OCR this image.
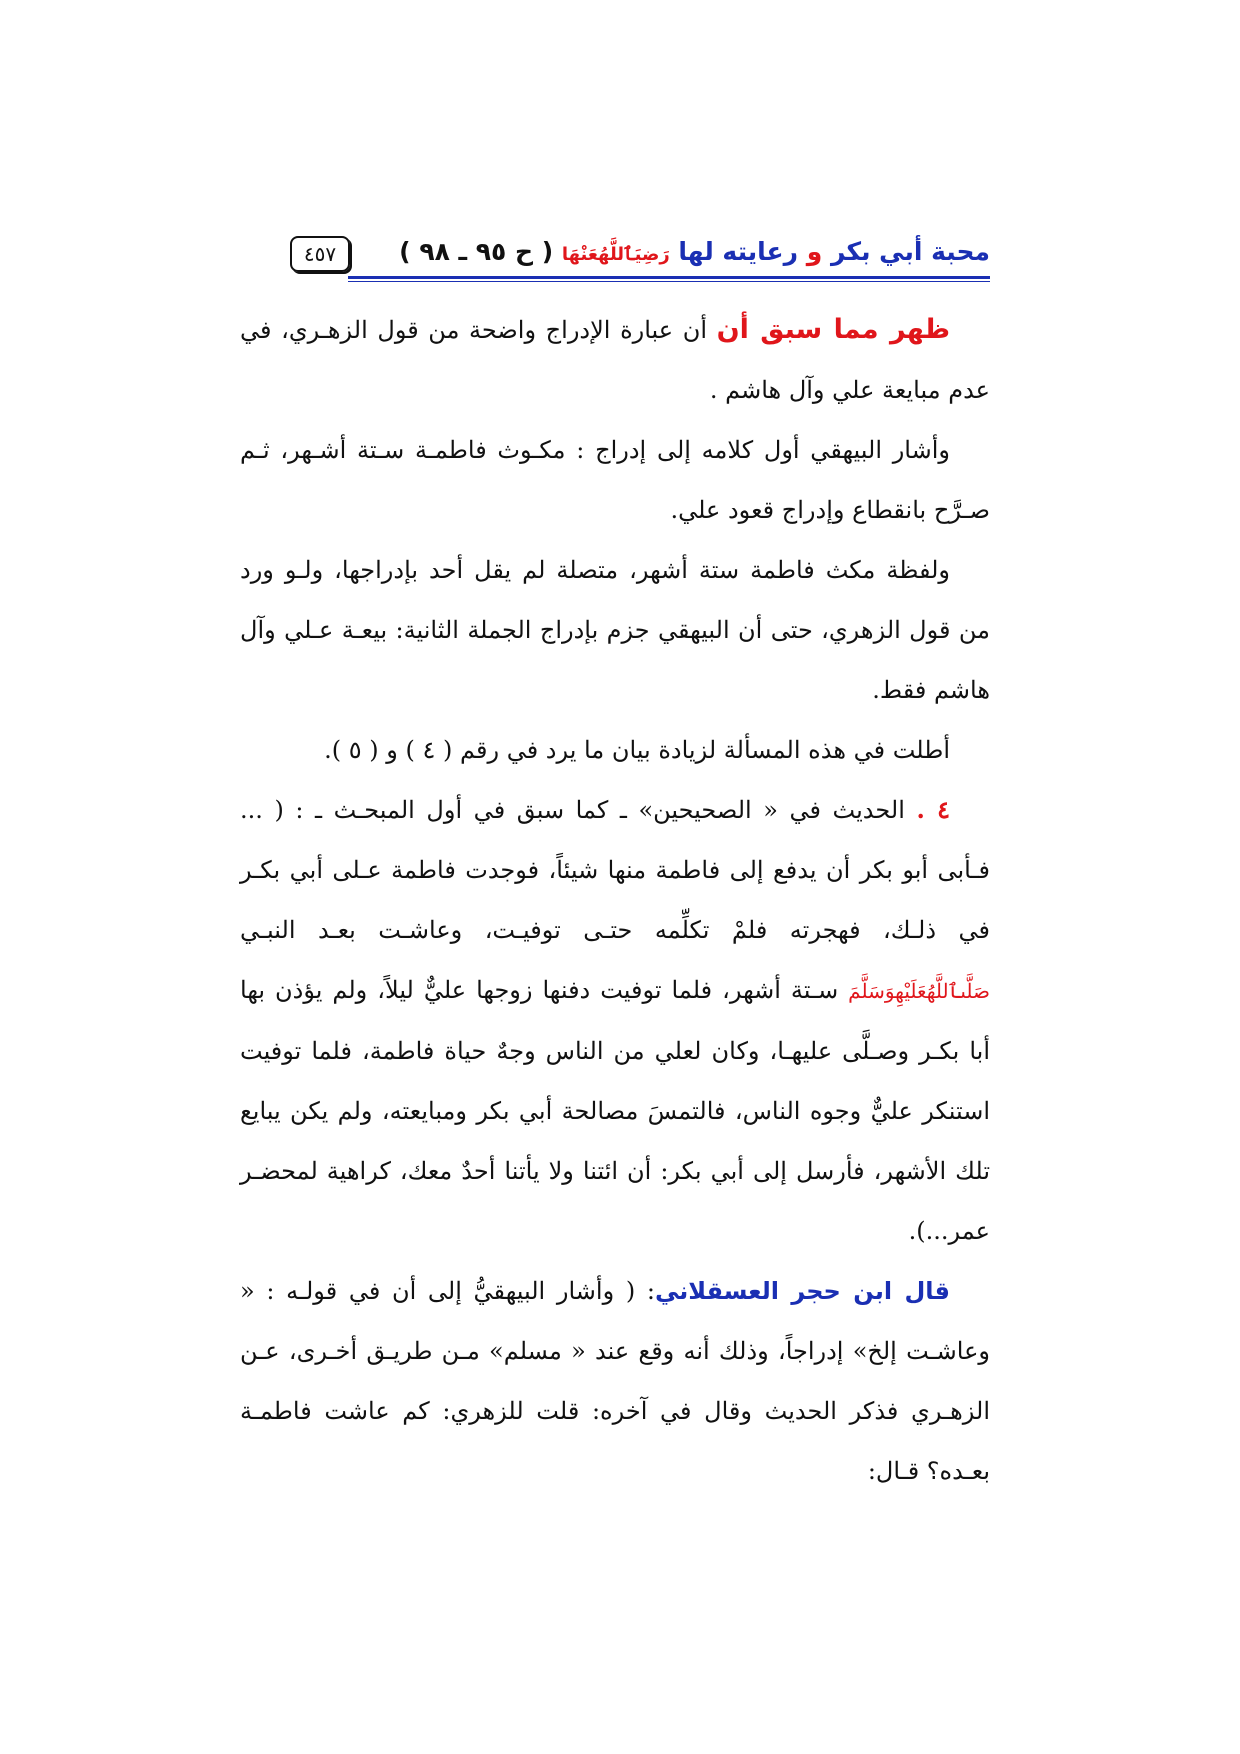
محبة أبي بكر و رعايته لها رَضِيَٱللَّهُعَنْهَا ( ح ٩٥ ـ ٩٨ )
٤٥٧

ظهر مما سبق أن أن عبارة الإدراج واضحة من قول الزهـري، في عدم مبايعة علي وآل هاشم .

وأشار البيهقي أول كلامه إلى إدراج : مكـوث فاطمـة سـتة أشـهر، ثـم صـرَّح بانقطاع وإدراج قعود علي.

ولفظة مكث فاطمة ستة أشهر، متصلة لم يقل أحد بإدراجها، ولـو ورد من قول الزهري، حتى أن البيهقي جزم بإدراج الجملة الثانية: بيعـة عـلي وآل هاشم فقط.

أطلت في هذه المسألة لزيادة بيان ما يرد في رقم ( ٤ ) و ( ٥ ).

٤ . الحديث في « الصحيحين» ـ كما سبق في أول المبحـث ـ : ( ... فـأبى أبو بكر أن يدفع إلى فاطمة منها شيئاً، فوجدت فاطمة عـلى أبي بكـر في ذلـك، فهجرته فلمْ تكلِّمه حتـى توفيـت، وعاشـت بعـد النبـي صَلَّىٱللَّهُعَلَيْهِوَسَلَّمَ سـتة أشهر، فلما توفيت دفنها زوجها عليٌّ ليلاً، ولم يؤذن بها أبا بكـر وصـلَّى عليهـا، وكان لعلي من الناس وجهٌ حياة فاطمة، فلما توفيت استنكر عليٌّ وجوه الناس، فالتمسَ مصالحة أبي بكر ومبايعته، ولم يكن يبايع تلك الأشهر، فأرسل إلى أبي بكر: أن ائتنا ولا يأتنا أحدٌ معك، كراهية لمحضـر عمر...).

قال ابن حجر العسقلاني: ( وأشار البيهقيُّ إلى أن في قولـه : « وعاشـت إلخ» إدراجاً، وذلك أنه وقع عند « مسلم» مـن طريـق أخـرى، عـن الزهـري فذكر الحديث وقال في آخره: قلت للزهري: كم عاشت فاطمـة بعـده؟ قـال:
